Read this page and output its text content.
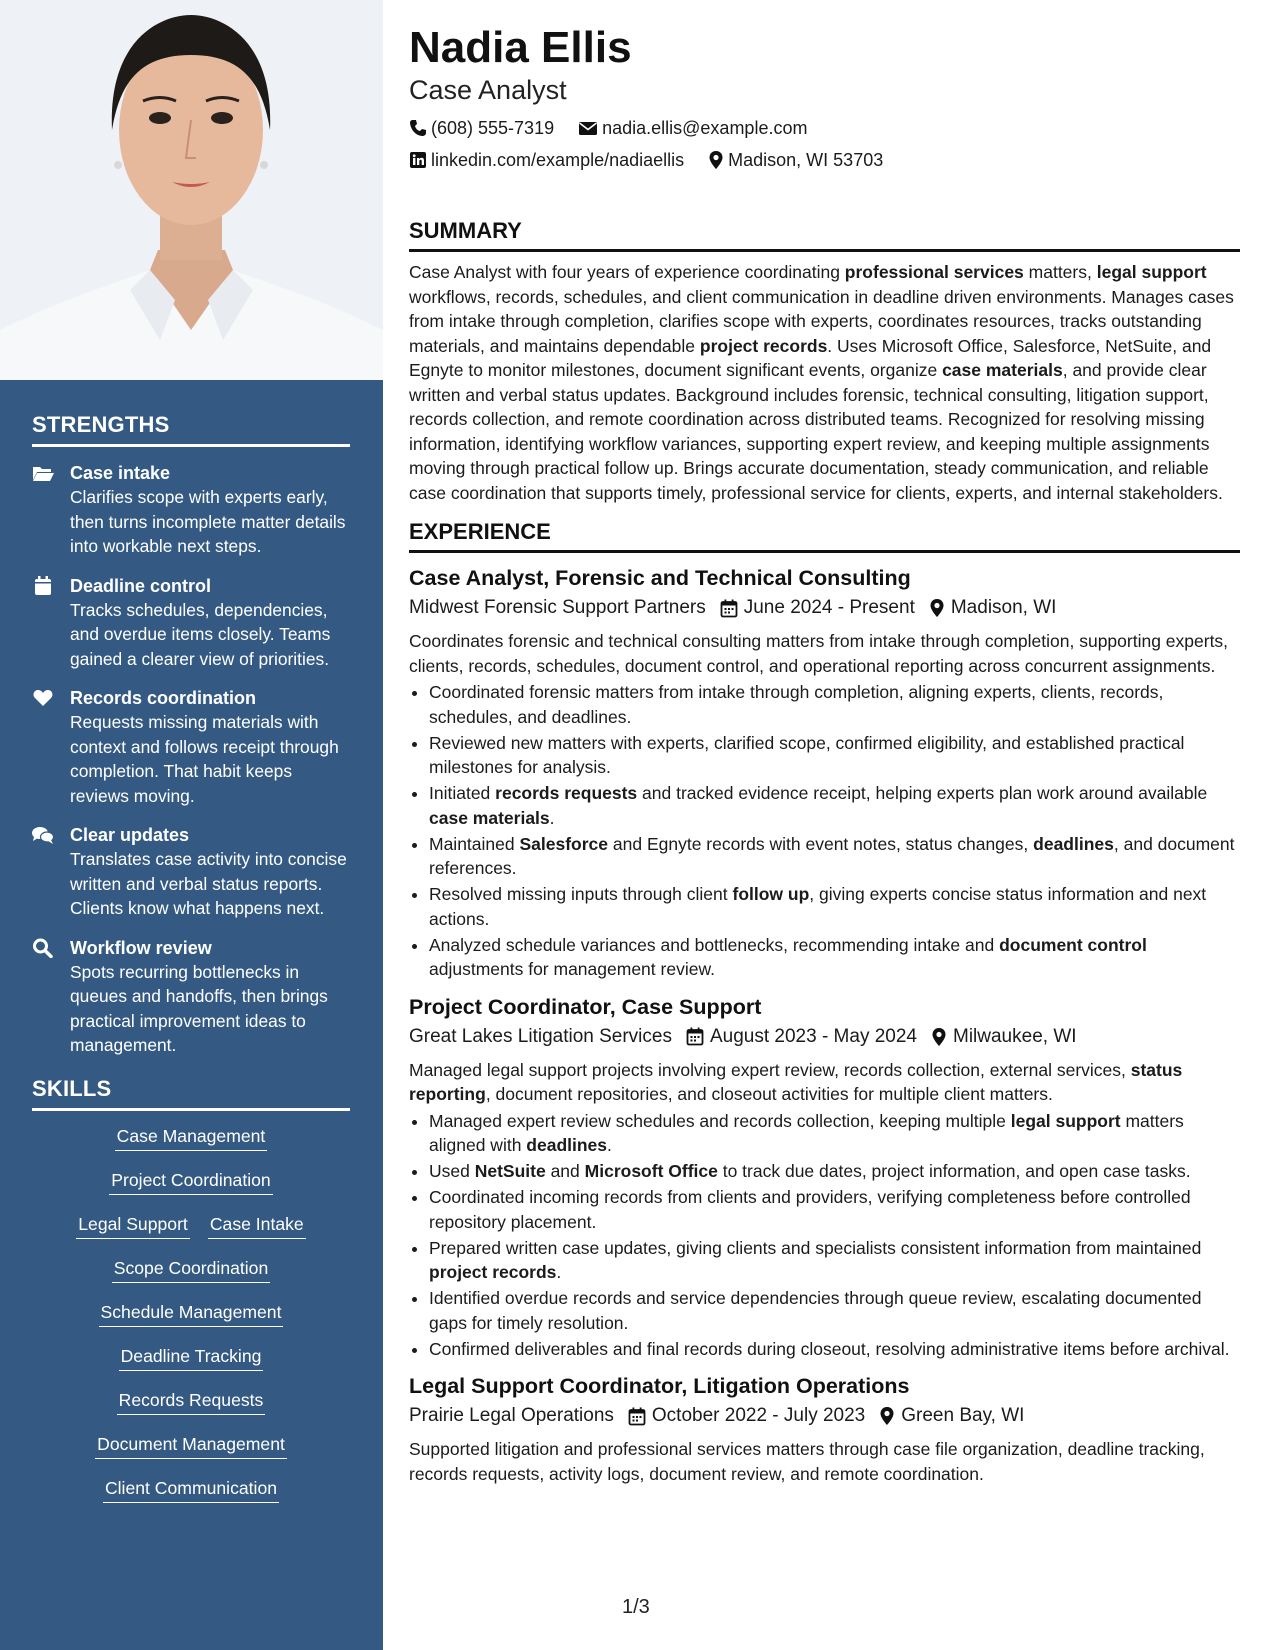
STRENGTHS
Case intake
Clarifies scope with experts early, then turns incomplete matter details into workable next steps.
Deadline control
Tracks schedules, dependencies, and overdue items closely. Teams gained a clearer view of priorities.
Records coordination
Requests missing materials with context and follows receipt through completion. That habit keeps reviews moving.
Clear updates
Translates case activity into concise written and verbal status reports. Clients know what happens next.
Workflow review
Spots recurring bottlenecks in queues and handoffs, then brings practical improvement ideas to management.
SKILLS
Case Management
Project Coordination
Legal Support Case Intake
Scope Coordination
Schedule Management
Deadline Tracking
Records Requests
Document Management
Client Communication
Nadia Ellis
Case Analyst
(608) 555-7319	nadia.ellis@example.com
linkedin.com/example/nadiaellis Madison, WI 53703
SUMMARY
Case Analyst with four years of experience coordinating professional services matters, legal support workflows, records, schedules, and client communication in deadline driven environments. Manages cases from intake through completion, clarifies scope with experts, coordinates resources, tracks outstanding materials, and maintains dependable project records. Uses Microsoft Office, Salesforce, NetSuite, and Egnyte to monitor milestones, document significant events, organize case materials, and provide clear written and verbal status updates. Background includes forensic, technical consulting, litigation support, records collection, and remote coordination across distributed teams. Recognized for resolving missing information, identifying workflow variances, supporting expert review, and keeping multiple assignments moving through practical follow up. Brings accurate documentation, steady communication, and reliable case coordination that supports timely, professional service for clients, experts, and internal stakeholders.
EXPERIENCE
Case Analyst, Forensic and Technical Consulting
Midwest Forensic Support Partners June 2024 - Present Madison, WI
Coordinates forensic and technical consulting matters from intake through completion, supporting experts, clients, records, schedules, document control, and operational reporting across concurrent assignments.
• Coordinated forensic matters from intake through completion, aligning experts, clients, records, schedules, and deadlines.
• Reviewed new matters with experts, clarified scope, confirmed eligibility, and established practical milestones for analysis.
• Initiated records requests and tracked evidence receipt, helping experts plan work around available case materials.
• Maintained Salesforce and Egnyte records with event notes, status changes, deadlines, and document references.
• Resolved missing inputs through client follow up, giving experts concise status information and next actions.
• Analyzed schedule variances and bottlenecks, recommending intake and document control adjustments for management review.
Project Coordinator, Case Support
Great Lakes Litigation Services August 2023 - May 2024 Milwaukee, WI
Managed legal support projects involving expert review, records collection, external services, status reporting, document repositories, and closeout activities for multiple client matters.
• Managed expert review schedules and records collection, keeping multiple legal support matters aligned with deadlines.
• Used NetSuite and Microsoft Office to track due dates, project information, and open case tasks.
• Coordinated incoming records from clients and providers, verifying completeness before controlled repository placement.
• Prepared written case updates, giving clients and specialists consistent information from maintained project records.
• Identified overdue records and service dependencies through queue review, escalating documented gaps for timely resolution.
• Confirmed deliverables and final records during closeout, resolving administrative items before archival.
Legal Support Coordinator, Litigation Operations
Prairie Legal Operations October 2022 - July 2023 Green Bay, WI
Supported litigation and professional services matters through case file organization, deadline tracking, records requests, activity logs, document review, and remote coordination.
1/3
